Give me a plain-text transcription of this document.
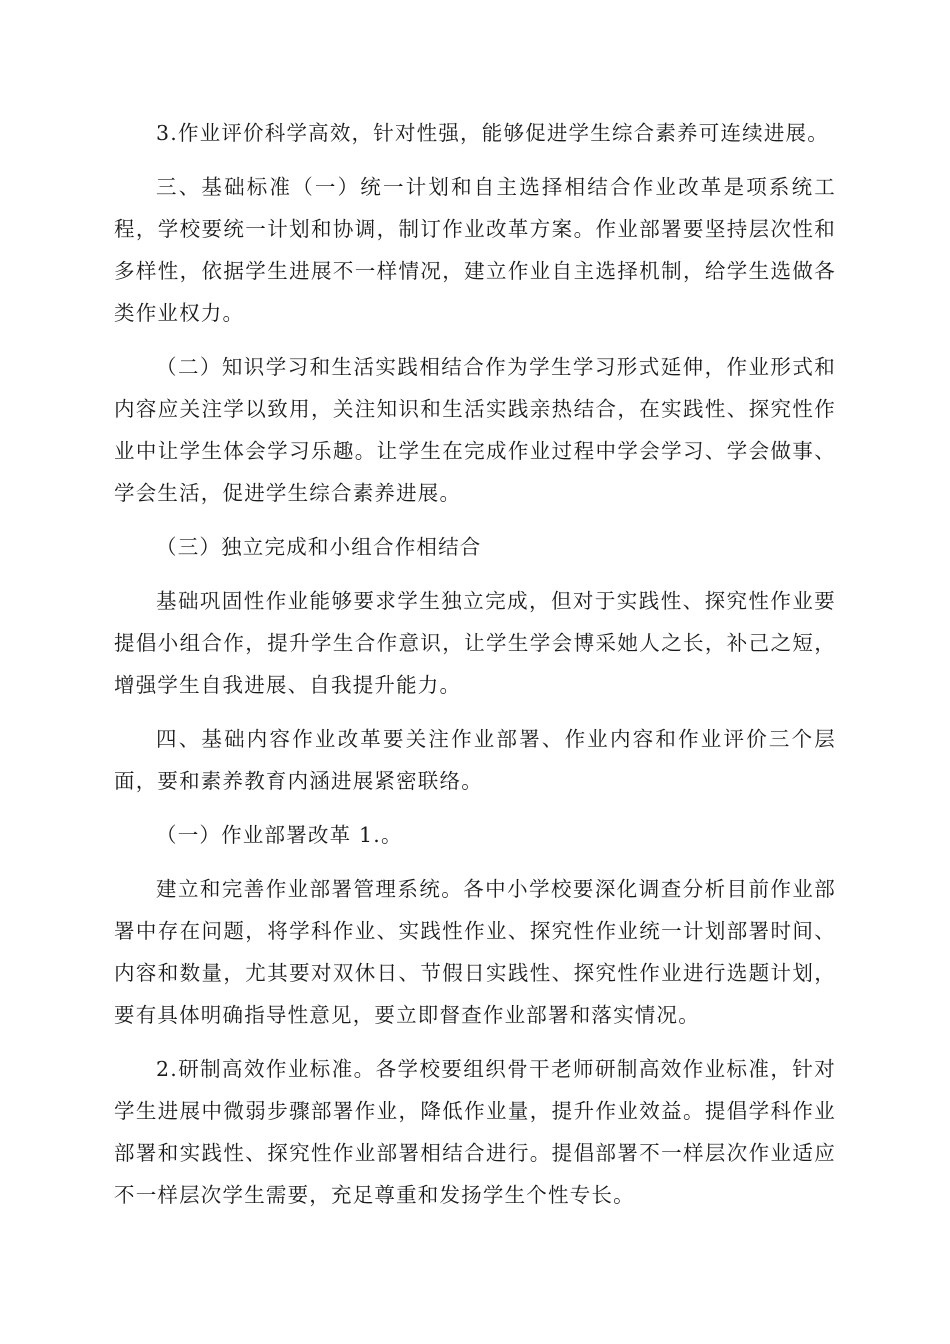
3.作业评价科学高效，针对性强，能够促进学生综合素养可连续进展。

三、基础标准（一）统一计划和自主选择相结合作业改革是项系统工程，学校要统一计划和协调，制订作业改革方案。作业部署要坚持层次性和多样性，依据学生进展不一样情况，建立作业自主选择机制，给学生选做各类作业权力。

（二）知识学习和生活实践相结合作为学生学习形式延伸，作业形式和内容应关注学以致用，关注知识和生活实践亲热结合，在实践性、探究性作业中让学生体会学习乐趣。让学生在完成作业过程中学会学习、学会做事、学会生活，促进学生综合素养进展。

（三）独立完成和小组合作相结合

基础巩固性作业能够要求学生独立完成，但对于实践性、探究性作业要提倡小组合作，提升学生合作意识，让学生学会博采她人之长，补己之短，增强学生自我进展、自我提升能力。

四、基础内容作业改革要关注作业部署、作业内容和作业评价三个层面，要和素养教育内涵进展紧密联络。

（一）作业部署改革 1.。

建立和完善作业部署管理系统。各中小学校要深化调查分析目前作业部署中存在问题，将学科作业、实践性作业、探究性作业统一计划部署时间、内容和数量，尤其要对双休日、节假日实践性、探究性作业进行选题计划，要有具体明确指导性意见，要立即督查作业部署和落实情况。

2.研制高效作业标准。各学校要组织骨干老师研制高效作业标准，针对学生进展中微弱步骤部署作业，降低作业量，提升作业效益。提倡学科作业部署和实践性、探究性作业部署相结合进行。提倡部署不一样层次作业适应不一样层次学生需要，充足尊重和发扬学生个性专长。
